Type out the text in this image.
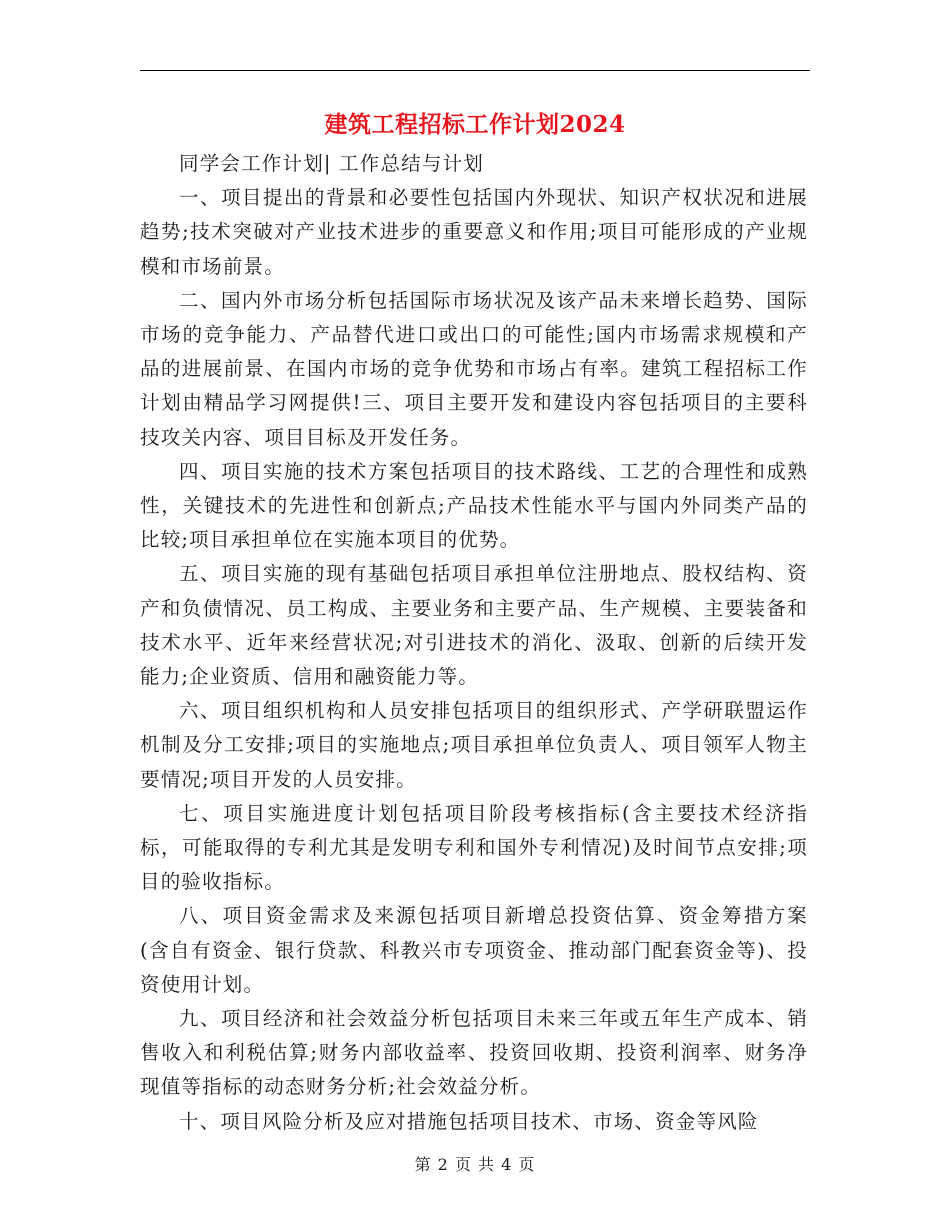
建筑工程招标工作计划2024

同学会工作计划| 工作总结与计划

一、项目提出的背景和必要性包括国内外现状、知识产权状况和进展趋势;技术突破对产业技术进步的重要意义和作用;项目可能形成的产业规模和市场前景。

二、国内外市场分析包括国际市场状况及该产品未来增长趋势、国际市场的竞争能力、产品替代进口或出口的可能性;国内市场需求规模和产品的进展前景、在国内市场的竞争优势和市场占有率。建筑工程招标工作计划由精品学习网提供!三、项目主要开发和建设内容包括项目的主要科技攻关内容、项目目标及开发任务。

四、项目实施的技术方案包括项目的技术路线、工艺的合理性和成熟性，关键技术的先进性和创新点;产品技术性能水平与国内外同类产品的比较;项目承担单位在实施本项目的优势。

五、项目实施的现有基础包括项目承担单位注册地点、股权结构、资产和负债情况、员工构成、主要业务和主要产品、生产规模、主要装备和技术水平、近年来经营状况;对引进技术的消化、汲取、创新的后续开发能力;企业资质、信用和融资能力等。

六、项目组织机构和人员安排包括项目的组织形式、产学研联盟运作机制及分工安排;项目的实施地点;项目承担单位负责人、项目领军人物主要情况;项目开发的人员安排。

七、项目实施进度计划包括项目阶段考核指标(含主要技术经济指标，可能取得的专利尤其是发明专利和国外专利情况)及时间节点安排;项目的验收指标。

八、项目资金需求及来源包括项目新增总投资估算、资金筹措方案(含自有资金、银行贷款、科教兴市专项资金、推动部门配套资金等)、投资使用计划。

九、项目经济和社会效益分析包括项目未来三年或五年生产成本、销售收入和利税估算;财务内部收益率、投资回收期、投资利润率、财务净现值等指标的动态财务分析;社会效益分析。

十、项目风险分析及应对措施包括项目技术、市场、资金等风险

第 2 页 共 4 页
